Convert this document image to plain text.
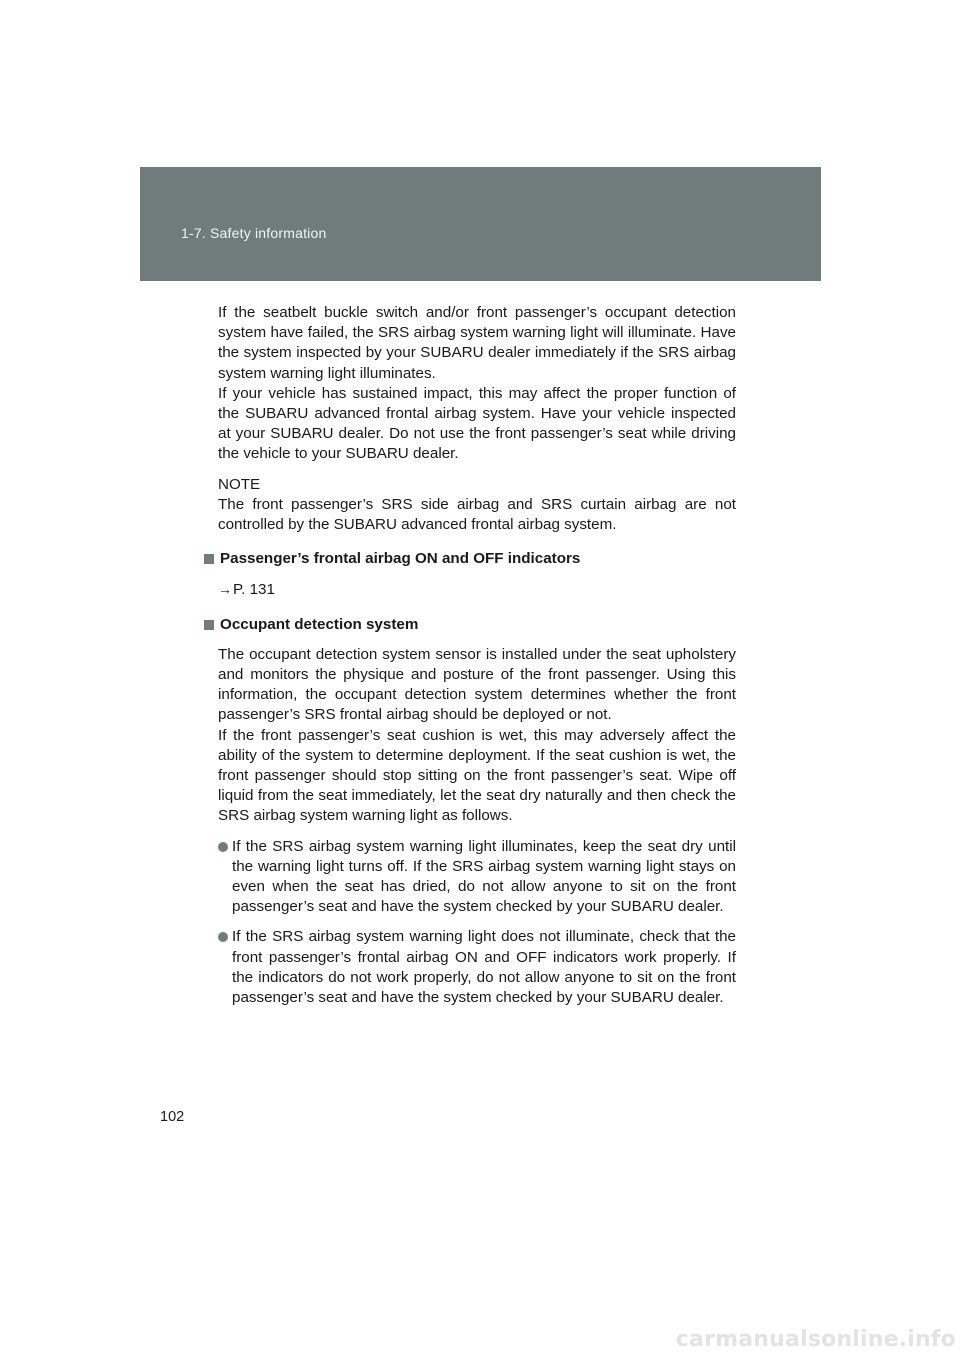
1-7. Safety information

If the seatbelt buckle switch and/or front passenger’s occupant detection system have failed, the SRS airbag system warning light will illuminate. Have the system inspected by your SUBARU dealer immediately if the SRS airbag system warning light illuminates.

If your vehicle has sustained impact, this may affect the proper function of the SUBARU advanced frontal airbag system. Have your vehicle inspected at your SUBARU dealer. Do not use the front passenger’s seat while driving the vehicle to your SUBARU dealer.

NOTE

The front passenger’s SRS side airbag and SRS curtain airbag are not controlled by the SUBARU advanced frontal airbag system.

Passenger’s frontal airbag ON and OFF indicators

→P. 131

Occupant detection system

The occupant detection system sensor is installed under the seat upholstery and monitors the physique and posture of the front passenger. Using this information, the occupant detection system determines whether the front passenger’s SRS frontal airbag should be deployed or not.

If the front passenger’s seat cushion is wet, this may adversely affect the ability of the system to determine deployment. If the seat cushion is wet, the front passenger should stop sitting on the front passenger’s seat. Wipe off liquid from the seat immediately, let the seat dry naturally and then check the SRS airbag system warning light as follows.

If the SRS airbag system warning light illuminates, keep the seat dry until the warning light turns off. If the SRS airbag system warning light stays on even when the seat has dried, do not allow anyone to sit on the front passenger’s seat and have the system checked by your SUBARU dealer.
If the SRS airbag system warning light does not illuminate, check that the front passenger’s frontal airbag ON and OFF indicators work properly. If the indicators do not work properly, do not allow anyone to sit on the front passenger’s seat and have the system checked by your SUBARU dealer.
102
carmanualsonline.info
